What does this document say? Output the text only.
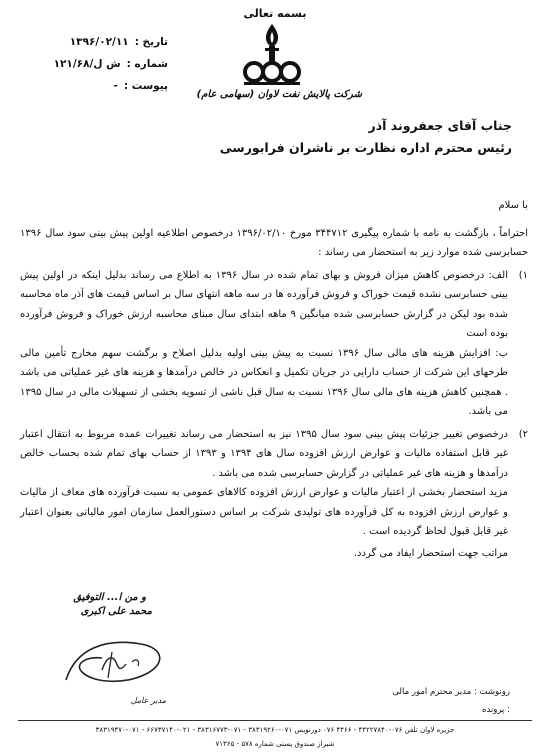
بسمه تعالی
شرکت پالایش نفت لاوان (سهامی عام)
تاریخ :
۱۳۹۶/۰۲/۱۱
شماره :
ش ل/۱۲۱/۶۸
پیوست :
-
جناب آقای جعفروند آذر
رئیس محترم اداره نظارت بر ناشران فرابورسی

با سلام

احتراماً ، بازگشت به نامه با شماره پیگیری ۳۴۴۷۱۲ مورخ ۱۳۹۶/۰۲/۱۰ درخصوص اطلاعیه اولین پیش بینی سود سال ۱۳۹۶ حسابرسی شده موارد زیر به استحضار می رساند :

۱)
الف: درخصوص کاهش میزان فروش و بهای تمام شده در سال ۱۳۹۶ به اطلاع می رساند بدلیل اینکه در اولین پیش بینی حسابرسی نشده قیمت خوراک و فروش فرآورده ها در سه ماهه انتهای سال بر اساس قیمت های آذر ماه محاسبه شده بود لیکن در گزارش حسابرسی شده میانگین ۹ ماهه ابتدای سال مبنای محاسبه ارزش خوراک و فروش فرآورده بوده است

ب: افزایش هزینه های مالی سال ۱۳۹۶ نسبت به پیش بینی اولیه بدلیل اصلاح و برگشت سهم مخارج تأمین مالی طرحهای این شرکت از حساب دارایی در جریان تکمیل و انعکاس در خالص درآمدها و هزینه های غیر عملیاتی می باشد . همچنین کاهش هزینه های مالی سال ۱۳۹۶ نسبت به سال قبل ناشی از تسویه بخشی از تسهیلات مالی در سال ۱۳۹۵ می باشد.

۲)
درخصوص تغییر جزئیات پیش بینی سود سال ۱۳۹۵ نیز به استحضار می رساند تغییرات عمده مربوط به انتقال اعتبار غیر قابل استفاده مالیات و عوارض ارزش افزوده سال های ۱۳۹۴ و ۱۳۹۳ از حساب بهای تمام شده بحساب خالص درآمدها و هزینه های غیر عملیاتی در گزارش حسابرسی شده می باشد .

مزید استحضار بخشی از اعتبار مالیات و عوارض ارزش افزوده کالاهای عمومی به نسبت فرآورده های معاف از مالیات و عوارض ارزش افزوده به کل فرآورده های تولیدی شرکت بر اساس دستورالعمل سازمان امور مالیاتی بعنوان اعتبار غیر قابل قبول لحاظ گردیده است .

مراتب جهت استحضار ایفاد می گردد.

و من ا... التوفیق
محمد علی اکبری
مدیر عامل
رونوشت : مدیر محترم امور مالی
: پرونده
جزیره لاوان تلفن ۰۷۶-۴۴۲۲۷۸۴۰ - ۴۴۶۶ ۰۷۶ دورنویس ۰۷۱-۳۸۳۱۹۲۶۰ - ۰۷۱-۳۸۳۱۶۷۷۳ - ۰۲۱-۶۶۷۳۷۱۴۰ - ۰۷۱-۳۸۳۱۹۴۷۰
شیراز صندوق پستی شماره ۵۷۸ - ۷۱۳۶۵
